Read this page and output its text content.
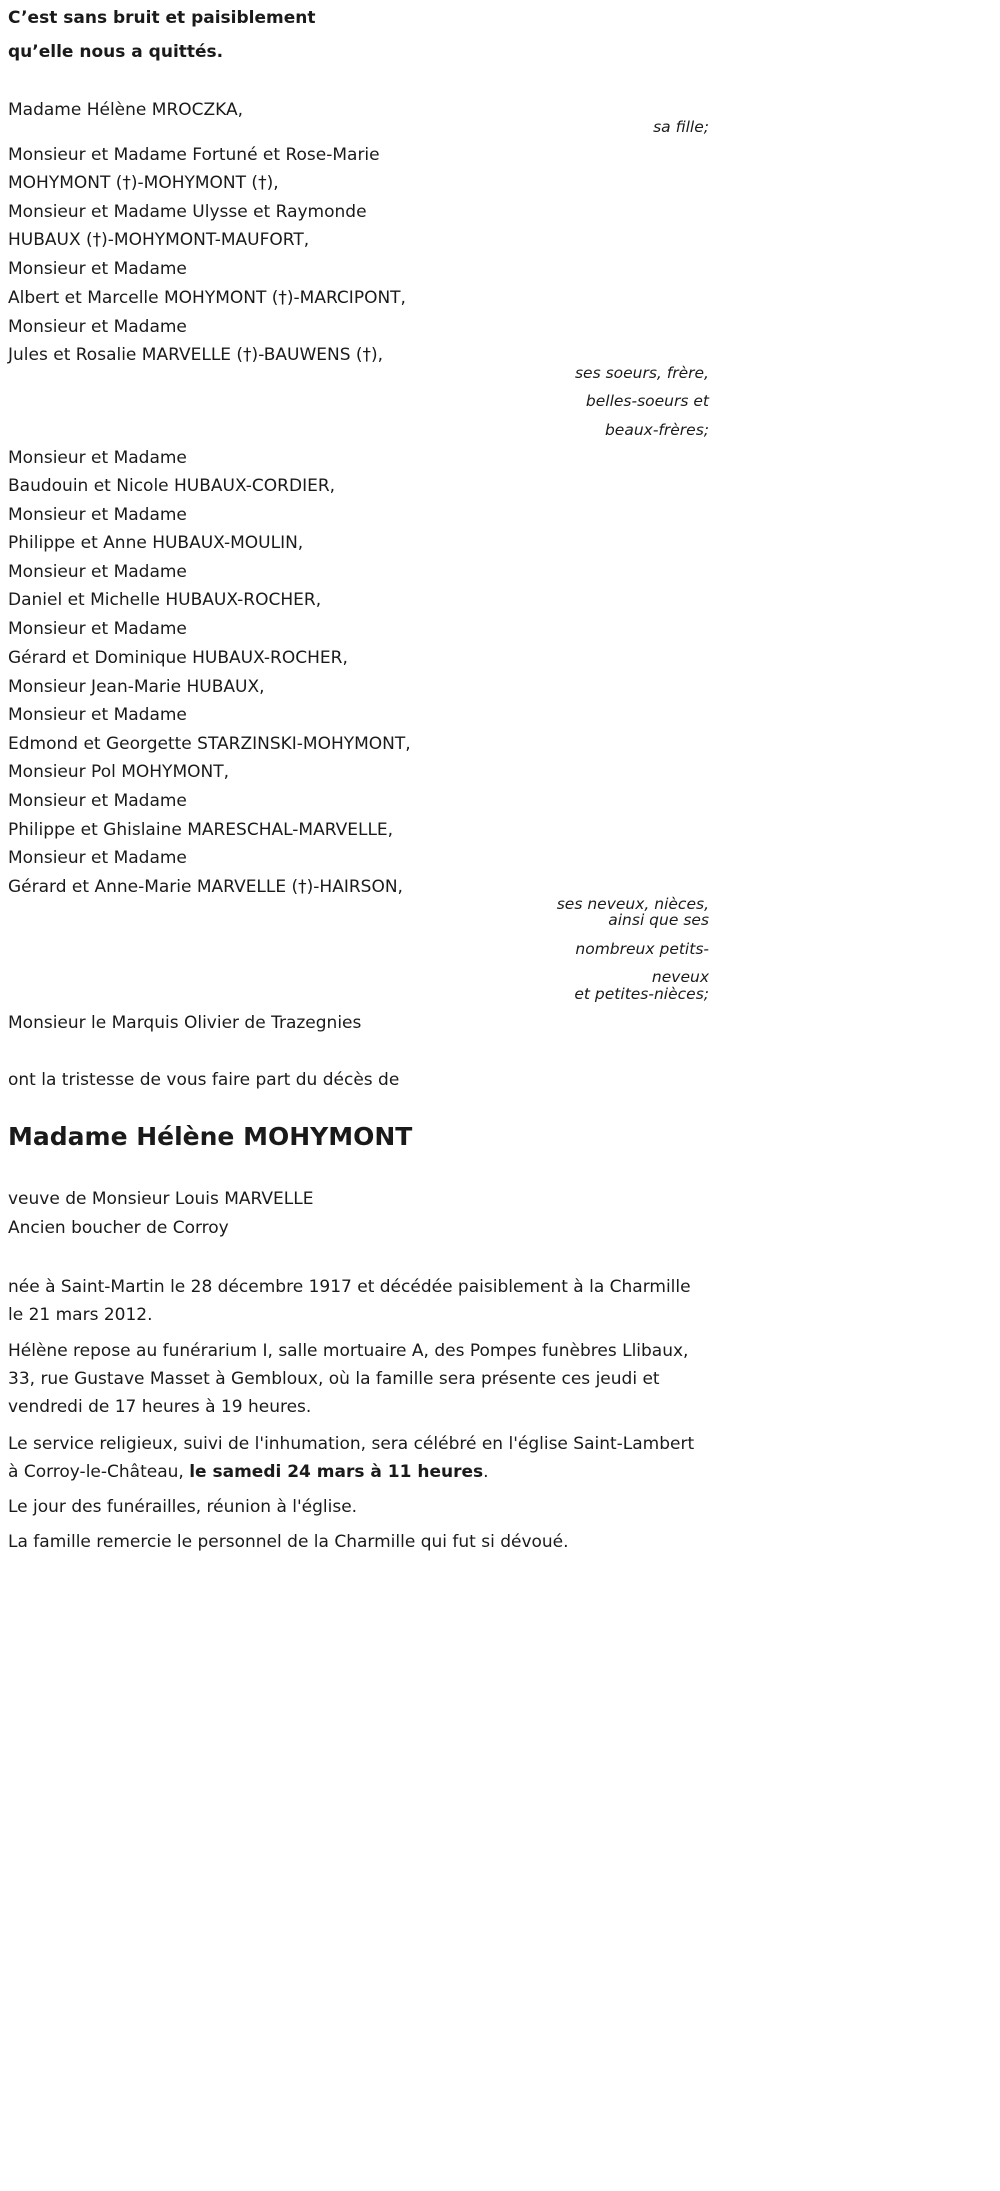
C’est sans bruit et paisiblement
qu’elle nous a quittés.
Madame Hélène MROCZKA,
sa fille;
Monsieur et Madame Fortuné et Rose-Marie
MOHYMONT (†)-MOHYMONT (†),
Monsieur et Madame Ulysse et Raymonde
HUBAUX (†)-MOHYMONT-MAUFORT,
Monsieur et Madame
Albert et Marcelle MOHYMONT (†)-MARCIPONT,
Monsieur et Madame
Jules et Rosalie MARVELLE (†)-BAUWENS (†),
ses soeurs, frère,
belles-soeurs et
beaux-frères;
Monsieur et Madame
Baudouin et Nicole HUBAUX-CORDIER,
Monsieur et Madame
Philippe et Anne HUBAUX-MOULIN,
Monsieur et Madame
Daniel et Michelle HUBAUX-ROCHER,
Monsieur et Madame
Gérard et Dominique HUBAUX-ROCHER,
Monsieur Jean-Marie HUBAUX,
Monsieur et Madame
Edmond et Georgette STARZINSKI-MOHYMONT,
Monsieur Pol MOHYMONT,
Monsieur et Madame
Philippe et Ghislaine MARESCHAL-MARVELLE,
Monsieur et Madame
Gérard et Anne-Marie MARVELLE (†)-HAIRSON,
ses neveux, nièces,
ainsi que ses
nombreux petits-
neveux
et petites-nièces;
Monsieur le Marquis Olivier de Trazegnies
ont la tristesse de vous faire part du décès de
Madame Hélène MOHYMONT
veuve de Monsieur Louis MARVELLE
Ancien boucher de Corroy
née à Saint-Martin le 28 décembre 1917 et décédée paisiblement à la Charmille le 21 mars 2012.
Hélène repose au funérarium I, salle mortuaire A, des Pompes funèbres Llibaux, 33, rue Gustave Masset à Gembloux, où la famille sera présente ces jeudi et vendredi de 17 heures à 19 heures.
Le service religieux, suivi de l'inhumation, sera célébré en l'église Saint-Lambert à Corroy-le-Château, le samedi 24 mars à 11 heures.
Le jour des funérailles, réunion à l'église.
La famille remercie le personnel de la Charmille qui fut si dévoué.
